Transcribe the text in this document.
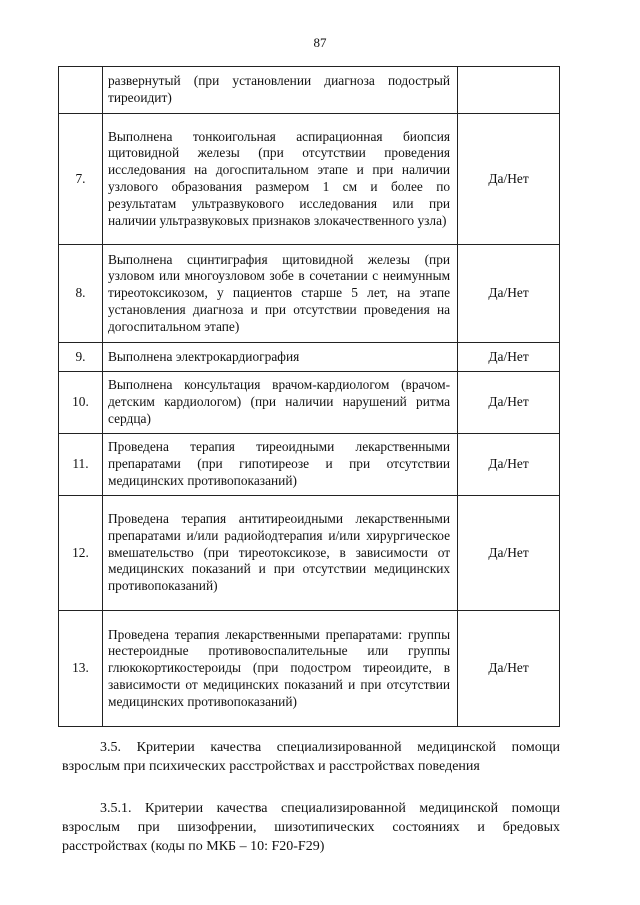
87
	развернутый (при установлении диагноза подострый тиреоидит)	
7.	Выполнена тонкоигольная аспирационная биопсия щитовидной железы (при отсутствии проведения исследования на догоспитальном этапе и при наличии узлового образования размером 1 см и более по результатам ультразвукового исследования или при наличии ультразвуковых признаков злокачественного узла)	Да/Нет
8.	Выполнена сцинтиграфия щитовидной железы (при узловом или многоузловом зобе в сочетании с неимунным тиреотоксикозом, у пациентов старше 5 лет, на этапе установления диагноза и при отсутствии проведения на догоспитальном этапе)	Да/Нет
9.	Выполнена электрокардиография	Да/Нет
10.	Выполнена консультация врачом-кардиологом (врачом-детским кардиологом) (при наличии нарушений ритма сердца)	Да/Нет
11.	Проведена терапия тиреоидными лекарственными препаратами (при гипотиреозе и при отсутствии медицинских противопоказаний)	Да/Нет
12.	Проведена терапия антитиреоидными лекарственными препаратами и/или радиойодтерапия и/или хирургическое вмешательство (при тиреотоксикозе, в зависимости от медицинских показаний и при отсутствии медицинских противопоказаний)	Да/Нет
13.	Проведена терапия лекарственными препаратами: группы нестероидные противовоспалительные или группы глюкокортикостероиды (при подостром тиреоидите, в зависимости от медицинских показаний и при отсутствии медицинских противопоказаний)	Да/Нет

3.5. Критерии качества специализированной медицинской помощи взрослым при психических расстройствах и расстройствах поведения

3.5.1. Критерии качества специализированной медицинской помощи взрослым при шизофрении, шизотипических состояниях и бредовых расстройствах (коды по МКБ – 10: F20-F29)
